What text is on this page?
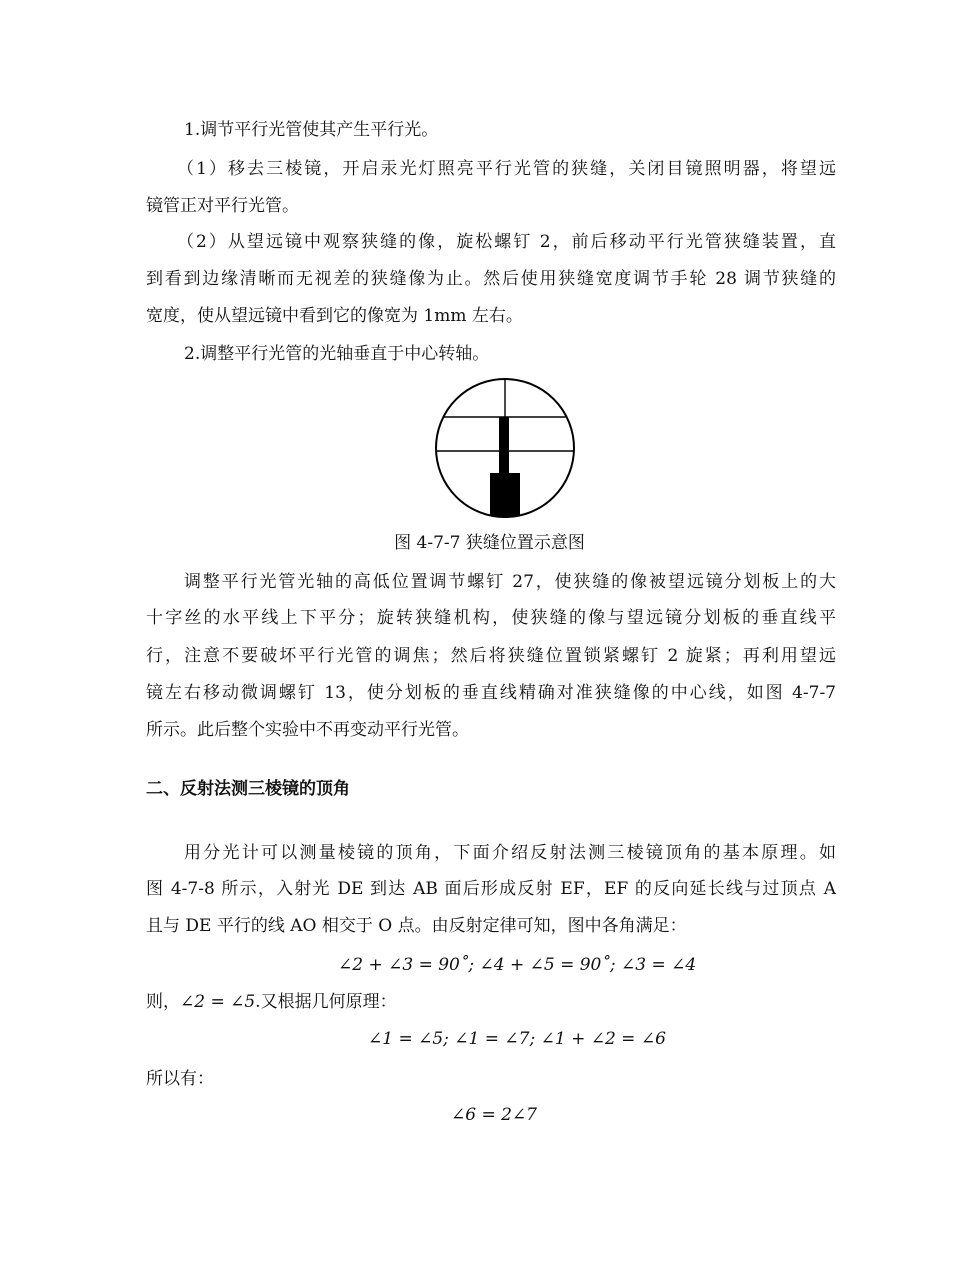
1.调节平行光管使其产生平行光。
（1）移去三棱镜，开启汞光灯照亮平行光管的狭缝，关闭目镜照明器，将望远
镜管正对平行光管。
（2）从望远镜中观察狭缝的像，旋松螺钉 2，前后移动平行光管狭缝装置，直
到看到边缘清晰而无视差的狭缝像为止。然后使用狭缝宽度调节手轮 28 调节狭缝的
宽度，使从望远镜中看到它的像宽为 1mm 左右。
2.调整平行光管的光轴垂直于中心转轴。
图 4-7-7 狭缝位置示意图
调整平行光管光轴的高低位置调节螺钉 27，使狭缝的像被望远镜分划板上的大
十字丝的水平线上下平分；旋转狭缝机构，使狭缝的像与望远镜分划板的垂直线平
行，注意不要破坏平行光管的调焦；然后将狭缝位置锁紧螺钉 2 旋紧；再利用望远
镜左右移动微调螺钉 13，使分划板的垂直线精确对准狭缝像的中心线，如图 4-7-7
所示。此后整个实验中不再变动平行光管。
二、反射法测三棱镜的顶角
用分光计可以测量棱镜的顶角，下面介绍反射法测三棱镜顶角的基本原理。如
图 4-7-8 所示，入射光 DE 到达 AB 面后形成反射 EF，EF 的反向延长线与过顶点 A
且与 DE 平行的线 AO 相交于 O 点。由反射定律可知，图中各角满足：
∠2 + ∠3 = 90˚; ∠4 + ∠5 = 90˚; ∠3 = ∠4
则，∠2 = ∠5.又根据几何原理：
∠1 = ∠5; ∠1 = ∠7; ∠1 + ∠2 = ∠6
所以有：
∠6 = 2∠7
